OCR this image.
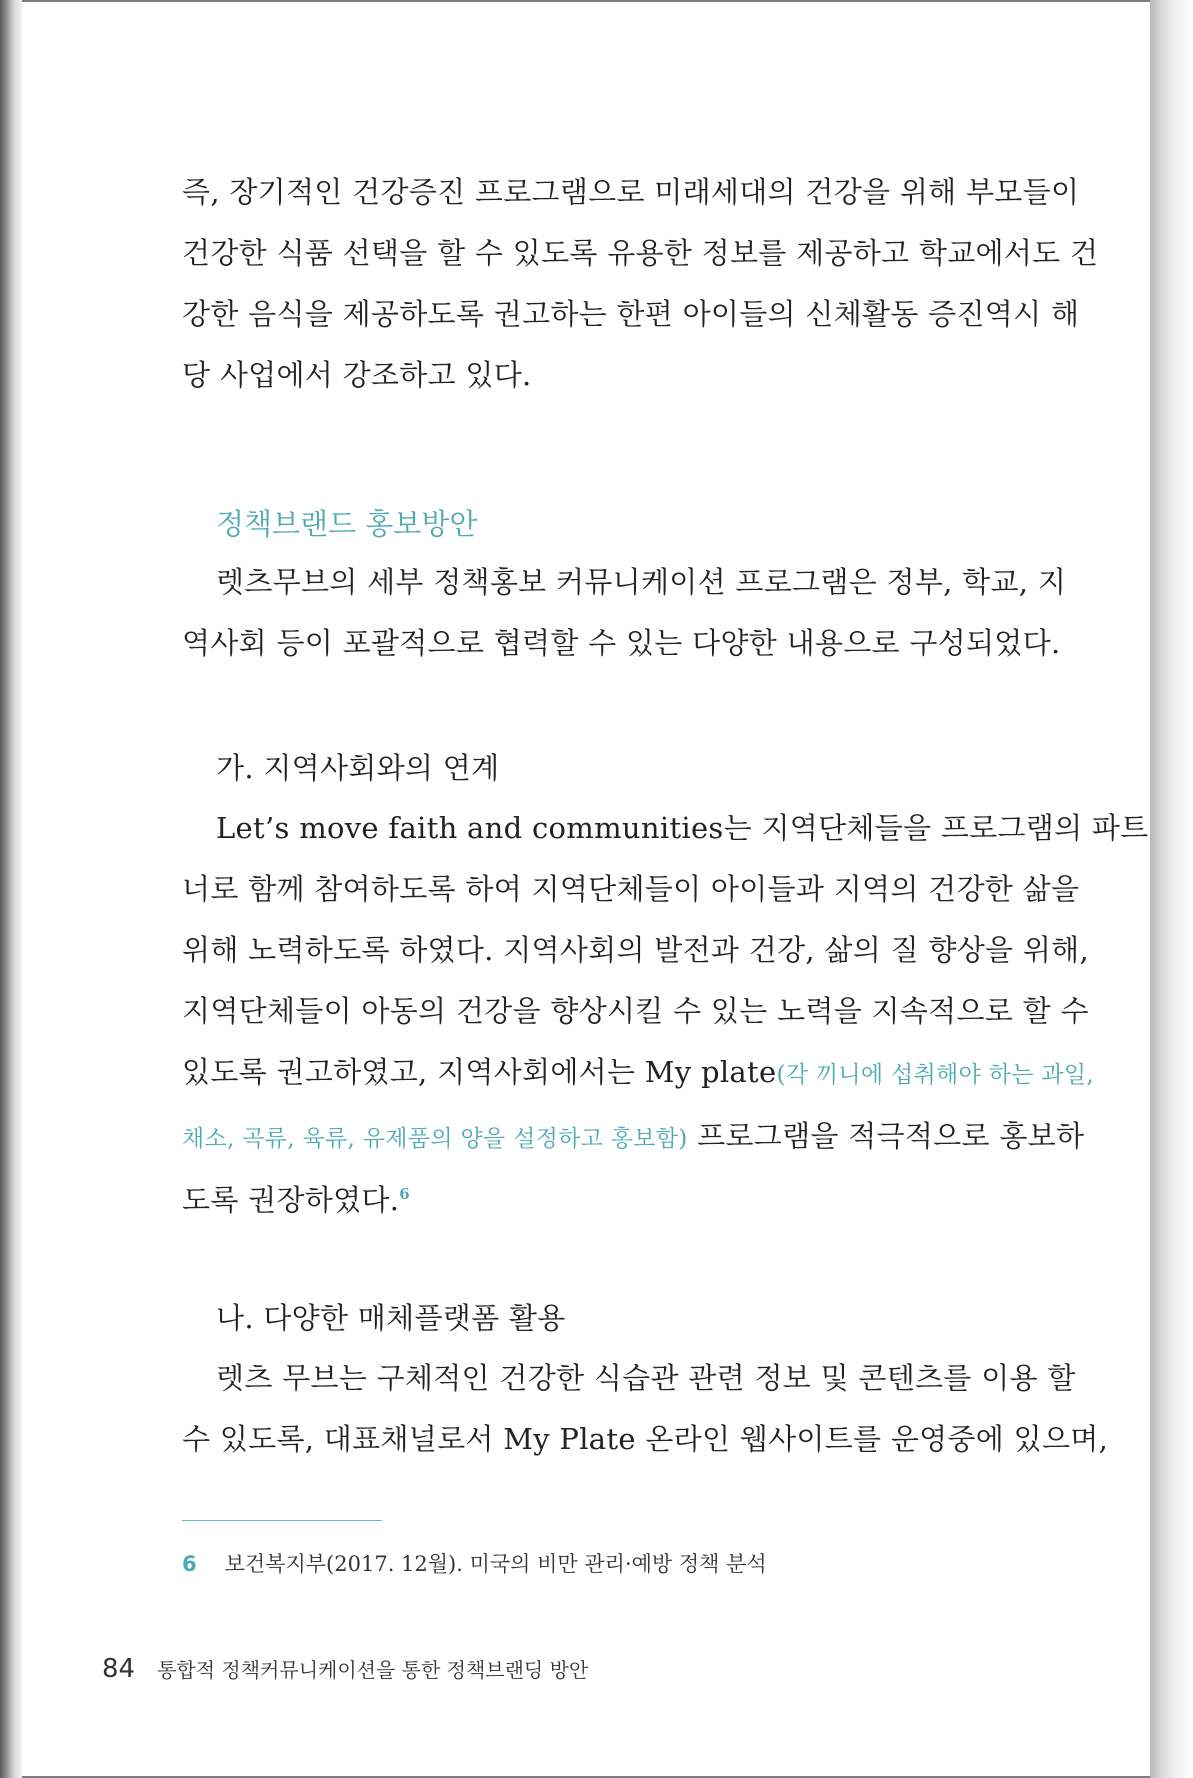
즉, 장기적인 건강증진 프로그램으로 미래세대의 건강을 위해 부모들이
건강한 식품 선택을 할 수 있도록 유용한 정보를 제공하고 학교에서도 건
강한 음식을 제공하도록 권고하는 한편 아이들의 신체활동 증진역시 해
당 사업에서 강조하고 있다.
정책브랜드 홍보방안
렛츠무브의 세부 정책홍보 커뮤니케이션 프로그램은 정부, 학교, 지
역사회 등이 포괄적으로 협력할 수 있는 다양한 내용으로 구성되었다.
가. 지역사회와의 연계
Let’s move faith and communities는 지역단체들을 프로그램의 파트
너로 함께 참여하도록 하여 지역단체들이 아이들과 지역의 건강한 삶을
위해 노력하도록 하였다. 지역사회의 발전과 건강, 삶의 질 향상을 위해,
지역단체들이 아동의 건강을 향상시킬 수 있는 노력을 지속적으로 할 수
있도록 권고하였고, 지역사회에서는 My plate(각 끼니에 섭취해야 하는 과일,
채소, 곡류, 육류, 유제품의 양을 설정하고 홍보함) 프로그램을 적극적으로 홍보하
도록 권장하였다.$^6$
나. 다양한 매체플랫폼 활용
렛츠 무브는 구체적인 건강한 식습관 관련 정보 및 콘텐츠를 이용 할
수 있도록, 대표채널로서 My Plate 온라인 웹사이트를 운영중에 있으며,
6 보건복지부(2017. 12월). 미국의 비만 관리·예방 정책 분석
84 통합적 정책커뮤니케이션을 통한 정책브랜딩 방안
